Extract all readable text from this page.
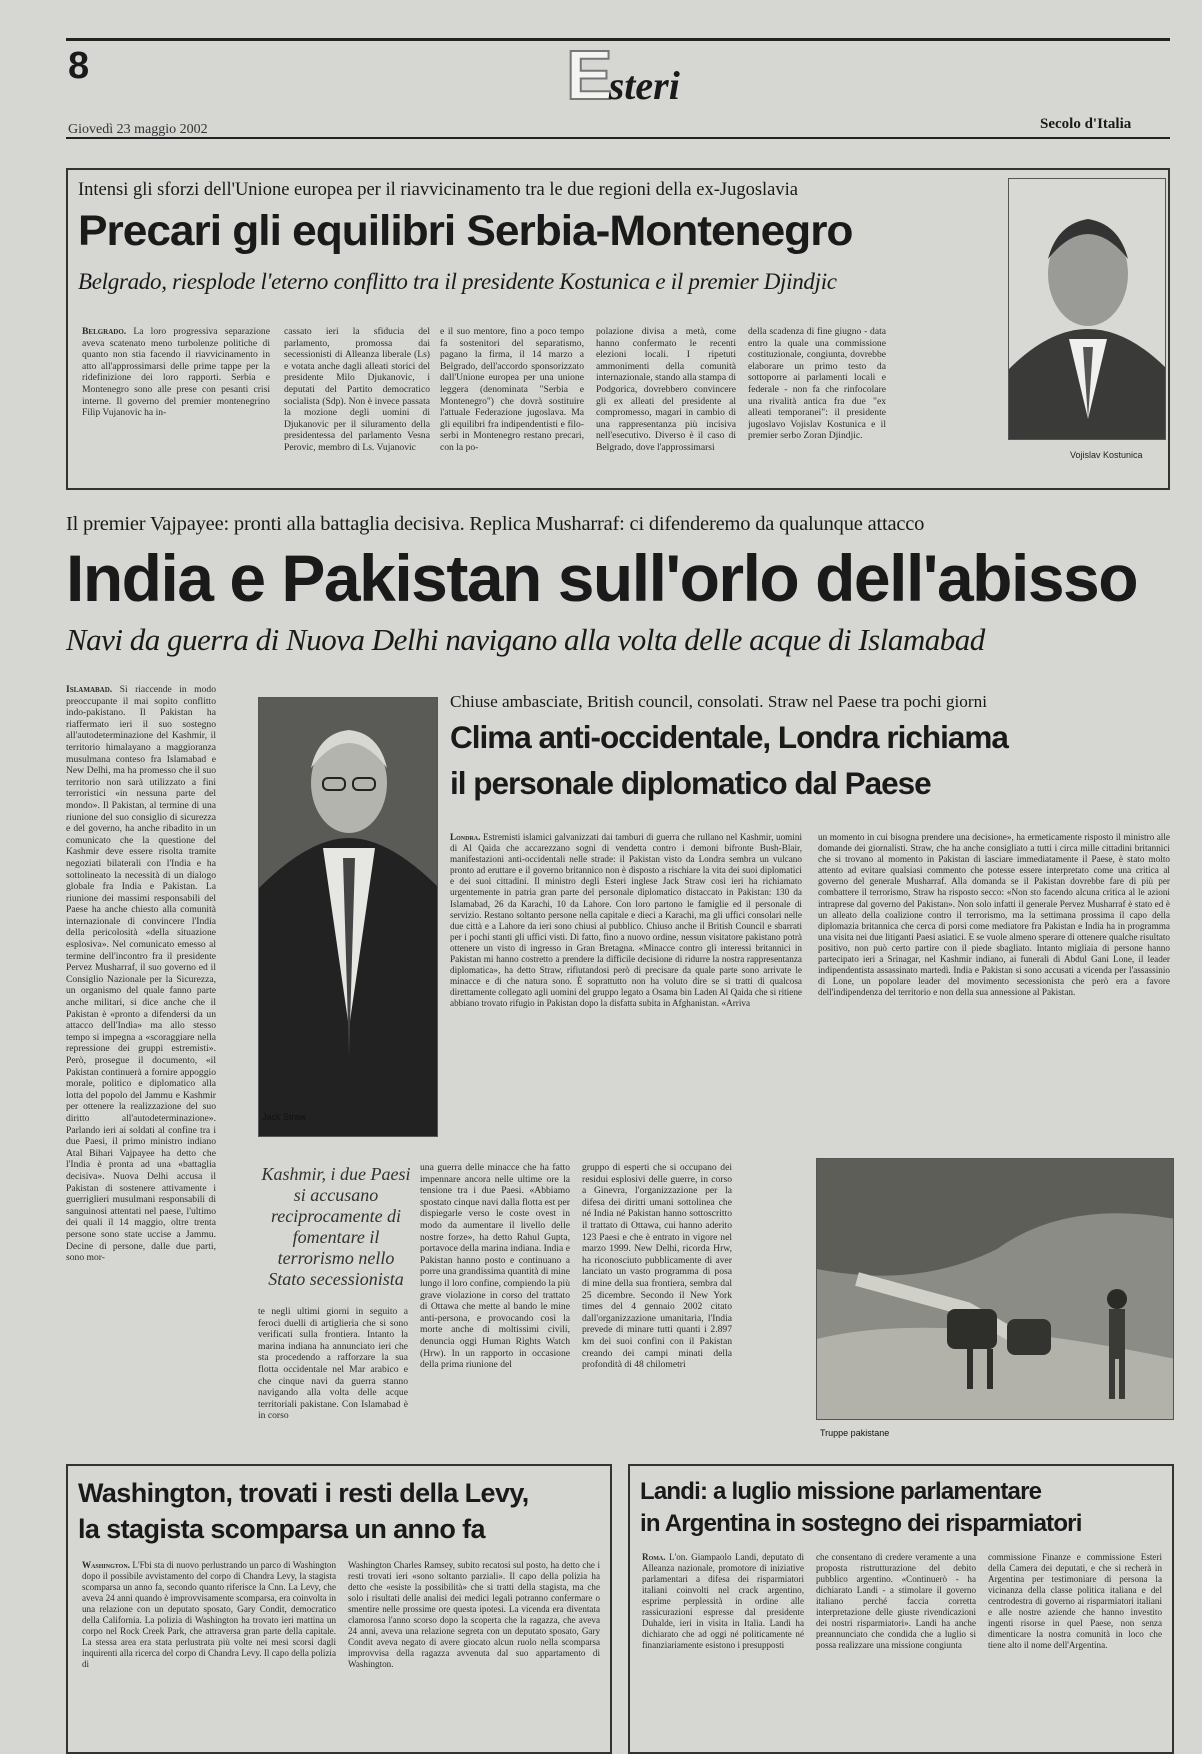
8	Esteri
Giovedì 23 maggio 2002	Secolo d'Italia
Intensi gli sforzi dell'Unione europea per il riavvicinamento tra le due regioni della ex-Jugoslavia
Precari gli equilibri Serbia-Montenegro
Belgrado, riesplode l'eterno conflitto tra il presidente Kostunica e il premier Djindjic
Belgrado. La loro progressiva separazione aveva scatenato meno turbolenze politiche di quanto non stia facendo il riavvicinamento in atto all'approssimarsi delle prime tappe per la ridefinizione dei loro rapporti. Serbia e Montenegro sono alle prese con pesanti crisi interne. Il governo del premier montenegrino Filip Vujanovic ha in-
cassato ieri la sfiducia del parlamento, promossa dai secessionisti di Alleanza liberale (Ls) e votata anche dagli alleati storici del presidente Milo Djukanovic, i deputati del Partito democratico socialista (Sdp). Non è invece passata la mozione degli uomini di Djukanovic per il siluramento della presidentessa del parlamento Vesna Perovic, membro di Ls. Vujanovic
e il suo mentore, fino a poco tempo fa sostenitori del separatismo, pagano la firma, il 14 marzo a Belgrado, dell'accordo sponsorizzato dall'Unione europea per una unione leggera (denominata "Serbia e Montenegro") che dovrà sostituire l'attuale Federazione jugoslava. Ma gli equilibri fra indipendentisti e filo-serbi in Montenegro restano precari, con la po-
polazione divisa a metà, come hanno confermato le recenti elezioni locali. I ripetuti ammonimenti della comunità internazionale, stando alla stampa di Podgorica, dovrebbero convincere gli ex alleati del presidente al compromesso, magari in cambio di una rappresentanza più incisiva nell'esecutivo. Diverso è il caso di Belgrado, dove l'approssimarsi
della scadenza di fine giugno - data entro la quale una commissione costituzionale, congiunta, dovrebbe elaborare un primo testo da sottoporre ai parlamenti locali e federale - non fa che rinfocolare una rivalità antica fra due "ex alleati temporanei": il presidente jugoslavo Vojislav Kostunica e il premier serbo Zoran Djindjic.
Vojislav Kostunica
Il premier Vajpayee: pronti alla battaglia decisiva. Replica Musharraf: ci difenderemo da qualunque attacco
India e Pakistan sull'orlo dell'abisso
Navi da guerra di Nuova Delhi navigano alla volta delle acque di Islamabad
Islamabad. Si riaccende in modo preoccupante il mai sopito conflitto indo-pakistano. Il Pakistan ha riaffermato ieri il suo sostegno all'autodeterminazione del Kashmir, il territorio himalayano a maggioranza musulmana conteso fra Islamabad e New Delhi, ma ha promesso che il suo territorio non sarà utilizzato a fini terroristici «in nessuna parte del mondo». Il Pakistan, al termine di una riunione del suo consiglio di sicurezza e del governo, ha anche ribadito in un comunicato che la questione del Kashmir deve essere risolta tramite negoziati bilaterali con l'India e ha sottolineato la necessità di un dialogo globale fra India e Pakistan. La riunione dei massimi responsabili del Paese ha anche chiesto alla comunità internazionale di convincere l'India della pericolosità «della situazione esplosiva». Nel comunicato emesso al termine dell'incontro fra il presidente Pervez Musharraf, il suo governo ed il Consiglio Nazionale per la Sicurezza, un organismo del quale fanno parte anche militari, si dice anche che il Pakistan è «pronto a difendersi da un attacco dell'India» ma allo stesso tempo si impegna a «scoraggiare nella repressione dei gruppi estremisti». Però, prosegue il documento, «il Pakistan continuerà a fornire appoggio morale, politico e diplomatico alla lotta del popolo del Jammu e Kashmir per ottenere la realizzazione del suo diritto all'autodeterminazione». Parlando ieri ai soldati al confine tra i due Paesi, il primo ministro indiano Atal Bihari Vajpayee ha detto che l'India è pronta ad una «battaglia decisiva». Nuova Delhi accusa il Pakistan di sostenere attivamente i guerriglieri musulmani responsabili di sanguinosi attentati nel paese, l'ultimo dei quali il 14 maggio, oltre trenta persone sono state uccise a Jammu. Decine di persone, dalle due parti, sono mor-
Jack Straw
Chiuse ambasciate, British council, consolati. Straw nel Paese tra pochi giorni
Clima anti-occidentale, Londra richiama
il personale diplomatico dal Paese
Londra. Estremisti islamici galvanizzati dai tamburi di guerra che rullano nel Kashmir, uomini di Al Qaida che accarezzano sogni di vendetta contro i demoni bifronte Bush-Blair, manifestazioni anti-occidentali nelle strade: il Pakistan visto da Londra sembra un vulcano pronto ad eruttare e il governo britannico non è disposto a rischiare la vita dei suoi diplomatici e dei suoi cittadini. Il ministro degli Esteri inglese Jack Straw così ieri ha richiamato urgentemente in patria gran parte del personale diplomatico distaccato in Pakistan: 130 da Islamabad, 26 da Karachi, 10 da Lahore. Con loro partono le famiglie ed il personale di servizio. Restano soltanto persone nella capitale e dieci a Karachi, ma gli uffici consolari nelle due città e a Lahore da ieri sono chiusi al pubblico. Chiuso anche il British Council e sbarrati per i pochi stanti gli uffici visti. Di fatto, fino a nuovo ordine, nessun visitatore pakistano potrà ottenere un visto di ingresso in Gran Bretagna. «Minacce contro gli interessi britannici in Pakistan mi hanno costretto a prendere la difficile decisione di ridurre la nostra rappresentanza diplomatica», ha detto Straw, rifiutandosi però di precisare da quale parte sono arrivate le minacce e di che natura sono. È soprattutto non ha voluto dire se si tratti di qualcosa direttamente collegato agli uomini del gruppo legato a Osama bin Laden Al Qaida che si ritiene abbiano trovato rifugio in Pakistan dopo la disfatta subita in Afghanistan. «Arriva
un momento in cui bisogna prendere una decisione», ha ermeticamente risposto il ministro alle domande dei giornalisti. Straw, che ha anche consigliato a tutti i circa mille cittadini britannici che si trovano al momento in Pakistan di lasciare immediatamente il Paese, è stato molto attento ad evitare qualsiasi commento che potesse essere interpretato come una critica al governo del generale Musharraf. Alla domanda se il Pakistan dovrebbe fare di più per combattere il terrorismo, Straw ha risposto secco: «Non sto facendo alcuna critica al le azioni intraprese dal governo del Pakistan». Non solo infatti il generale Pervez Musharraf è stato ed è un alleato della coalizione contro il terrorismo, ma la settimana prossima il capo della diplomazia britannica che cerca di porsi come mediatore fra Pakistan e India ha in programma una visita nei due litiganti Paesi asiatici. E se vuole almeno sperare di ottenere qualche risultato positivo, non può certo partire con il piede sbagliato. Intanto migliaia di persone hanno partecipato ieri a Srinagar, nel Kashmir indiano, ai funerali di Abdul Gani Lone, il leader indipendentista assassinato martedì. India e Pakistan si sono accusati a vicenda per l'assassinio di Lone, un popolare leader del movimento secessionista che però era a favore dell'indipendenza del territorio e non della sua annessione al Pakistan.
Kashmir, i due Paesi si accusano reciprocamente di fomentare il terrorismo nello Stato secessionista
te negli ultimi giorni in seguito a feroci duelli di artiglieria che si sono verificati sulla frontiera. Intanto la marina indiana ha annunciato ieri che sta procedendo a rafforzare la sua flotta occidentale nel Mar arabico e che cinque navi da guerra stanno navigando alla volta delle acque territoriali pakistane. Con Islamabad è in corso
una guerra delle minacce che ha fatto impennare ancora nelle ultime ore la tensione tra i due Paesi. «Abbiamo spostato cinque navi dalla flotta est per dispiegarle verso le coste ovest in modo da aumentare il livello delle nostre forze», ha detto Rahul Gupta, portavoce della marina indiana. India e Pakistan hanno posto e continuano a porre una grandissima quantità di mine lungo il loro confine, compiendo la più grave violazione in corso del trattato di Ottawa che mette al bando le mine anti-persona, e provocando così la morte anche di moltissimi civili, denuncia oggi Human Rights Watch (Hrw). In un rapporto in occasione della prima riunione del
gruppo di esperti che si occupano dei residui esplosivi delle guerre, in corso a Ginevra, l'organizzazione per la difesa dei diritti umani sottolinea che né India né Pakistan hanno sottoscritto il trattato di Ottawa, cui hanno aderito 123 Paesi e che è entrato in vigore nel marzo 1999. New Delhi, ricorda Hrw, ha riconosciuto pubblicamente di aver lanciato un vasto programma di posa di mine della sua frontiera, sembra dal 25 dicembre. Secondo il New York times del 4 gennaio 2002 citato dall'organizzazione umanitaria, l'India prevede di minare tutti quanti i 2.897 km dei suoi confini con il Pakistan creando dei campi minati della profondità di 48 chilometri
Truppe pakistane
Washington, trovati i resti della Levy,
la stagista scomparsa un anno fa
Washington. L'Fbi sta di nuovo perlustrando un parco di Washington dopo il possibile avvistamento del corpo di Chandra Levy, la stagista scomparsa un anno fa, secondo quanto riferisce la Cnn. La Levy, che aveva 24 anni quando è improvvisamente scomparsa, era coinvolta in una relazione con un deputato sposato, Gary Condit, democratico della California. La polizia di Washington ha trovato ieri mattina un corpo nel Rock Creek Park, che attraversa gran parte della capitale. La stessa area era stata perlustrata più volte nei mesi scorsi dagli inquirenti alla ricerca del corpo di Chandra Levy. Il capo della polizia di
Washington Charles Ramsey, subito recatosi sul posto, ha detto che i resti trovati ieri «sono soltanto parziali». Il capo della polizia ha detto che «esiste la possibilità» che si tratti della stagista, ma che solo i risultati delle analisi dei medici legali potranno confermare o smentire nelle prossime ore questa ipotesi. La vicenda era diventata clamorosa l'anno scorso dopo la scoperta che la ragazza, che aveva 24 anni, aveva una relazione segreta con un deputato sposato, Gary Condit aveva negato di avere giocato alcun ruolo nella scomparsa improvvisa della ragazza avvenuta dal suo appartamento di Washington.
Landi: a luglio missione parlamentare
in Argentina in sostegno dei risparmiatori
Roma. L'on. Giampaolo Landi, deputato di Alleanza nazionale, promotore di iniziative parlamentari a difesa dei risparmiatori italiani coinvolti nel crack argentino, esprime perplessità in ordine alle rassicurazioni espresse dal presidente Duhalde, ieri in visita in Italia. Landi ha dichiarato che ad oggi né politicamente né finanziariamente esistono i presupposti
che consentano di credere veramente a una proposta ristrutturazione del debito pubblico argentino. «Continuerò - ha dichiarato Landi - a stimolare il governo italiano perché faccia corretta interpretazione delle giuste rivendicazioni dei nostri risparmiatori». Landi ha anche preannunciato che condida che a luglio si possa realizzare una missione congiunta
commissione Finanze e commissione Esteri della Camera dei deputati, e che si recherà in Argentina per testimoniare di persona la vicinanza della classe politica italiana e del centrodestra di governo ai risparmiatori italiani e alle nostre aziende che hanno investito ingenti risorse in quel Paese, non senza dimenticare la nostra comunità in loco che tiene alto il nome dell'Argentina.
